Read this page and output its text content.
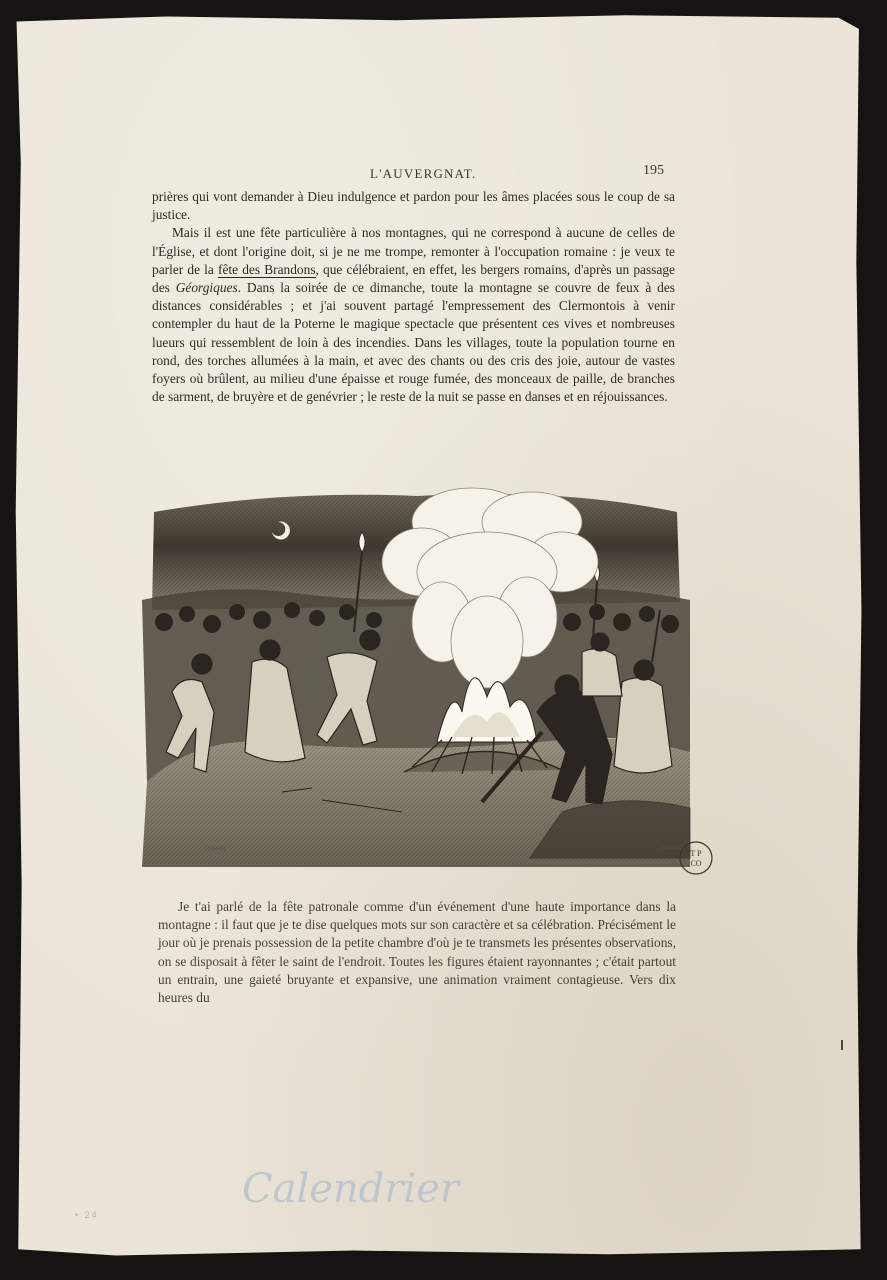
L'AUVERGNAT.	195

prières qui vont demander à Dieu indulgence et pardon pour les âmes placées sous le coup de sa justice.

Mais il est une fête particulière à nos montagnes, qui ne correspond à aucune de celles de l'Église, et dont l'origine doit, si je ne me trompe, remonter à l'occupation romaine : je veux te parler de la fête des Brandons, que célébraient, en effet, les bergers romains, d'après un passage des Géorgiques. Dans la soirée de ce dimanche, toute la montagne se couvre de feux à des distances considérables ; et j'ai souvent partagé l'empressement des Clermontois à venir contempler du haut de la Poterne le magique spectacle que présentent ces vives et nombreuses lueurs qui ressemblent de loin à des incendies. Dans les villages, toute la population tourne en rond, des torches allumées à la main, et avec des chants ou des cris des joie, autour de vastes foyers où brûlent, au milieu d'une épaisse et rouge fumée, des monceaux de paille, de branches de sarment, de bruyère et de genévrier ; le reste de la nuit se passe en danses et en réjouissances.

LOBRIN	CAGNIET T P
CO

Je t'ai parlé de la fête patronale comme d'un événement d'une haute importance dans la montagne : il faut que je te dise quelques mots sur son caractère et sa célébration. Précisément le jour où je prenais possession de la petite chambre d'où je te transmets les présentes observations, on se disposait à fêter le saint de l'endroit. Toutes les figures étaient rayonnantes ; c'était partout un entrain, une gaieté bruyante et expansive, une animation vraiment contagieuse. Vers dix heures du

Calendrier
• 24
